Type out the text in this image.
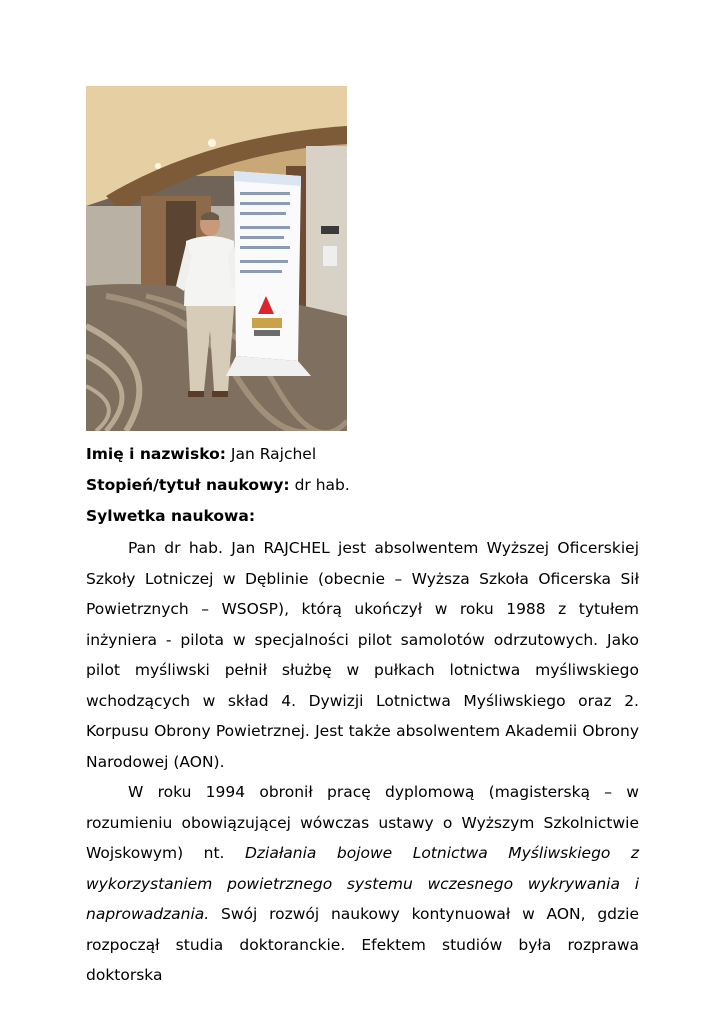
Imię i nazwisko: Jan Rajchel
Stopień/tytuł naukowy: dr hab.
Sylwetka naukowa:

Pan dr hab. Jan RAJCHEL jest absolwentem Wyższej Oficerskiej Szkoły Lotniczej w Dęblinie (obecnie – Wyższa Szkoła Oficerska Sił Powietrznych – WSOSP), którą ukończył w roku 1988 z tytułem inżyniera - pilota w specjalności pilot samolotów odrzutowych. Jako pilot myśliwski pełnił służbę w pułkach lotnictwa myśliwskiego wchodzących w skład 4. Dywizji Lotnictwa Myśliwskiego oraz 2. Korpusu Obrony Powietrznej. Jest także absolwentem Akademii Obrony Narodowej (AON).

W roku 1994 obronił pracę dyplomową (magisterską – w rozumieniu obowiązującej wówczas ustawy o Wyższym Szkolnictwie Wojskowym) nt. Działania bojowe Lotnictwa Myśliwskiego z wykorzystaniem powietrznego systemu wczesnego wykrywania i naprowadzania. Swój rozwój naukowy kontynuował w AON, gdzie rozpoczął studia doktoranckie. Efektem studiów była rozprawa doktorska
